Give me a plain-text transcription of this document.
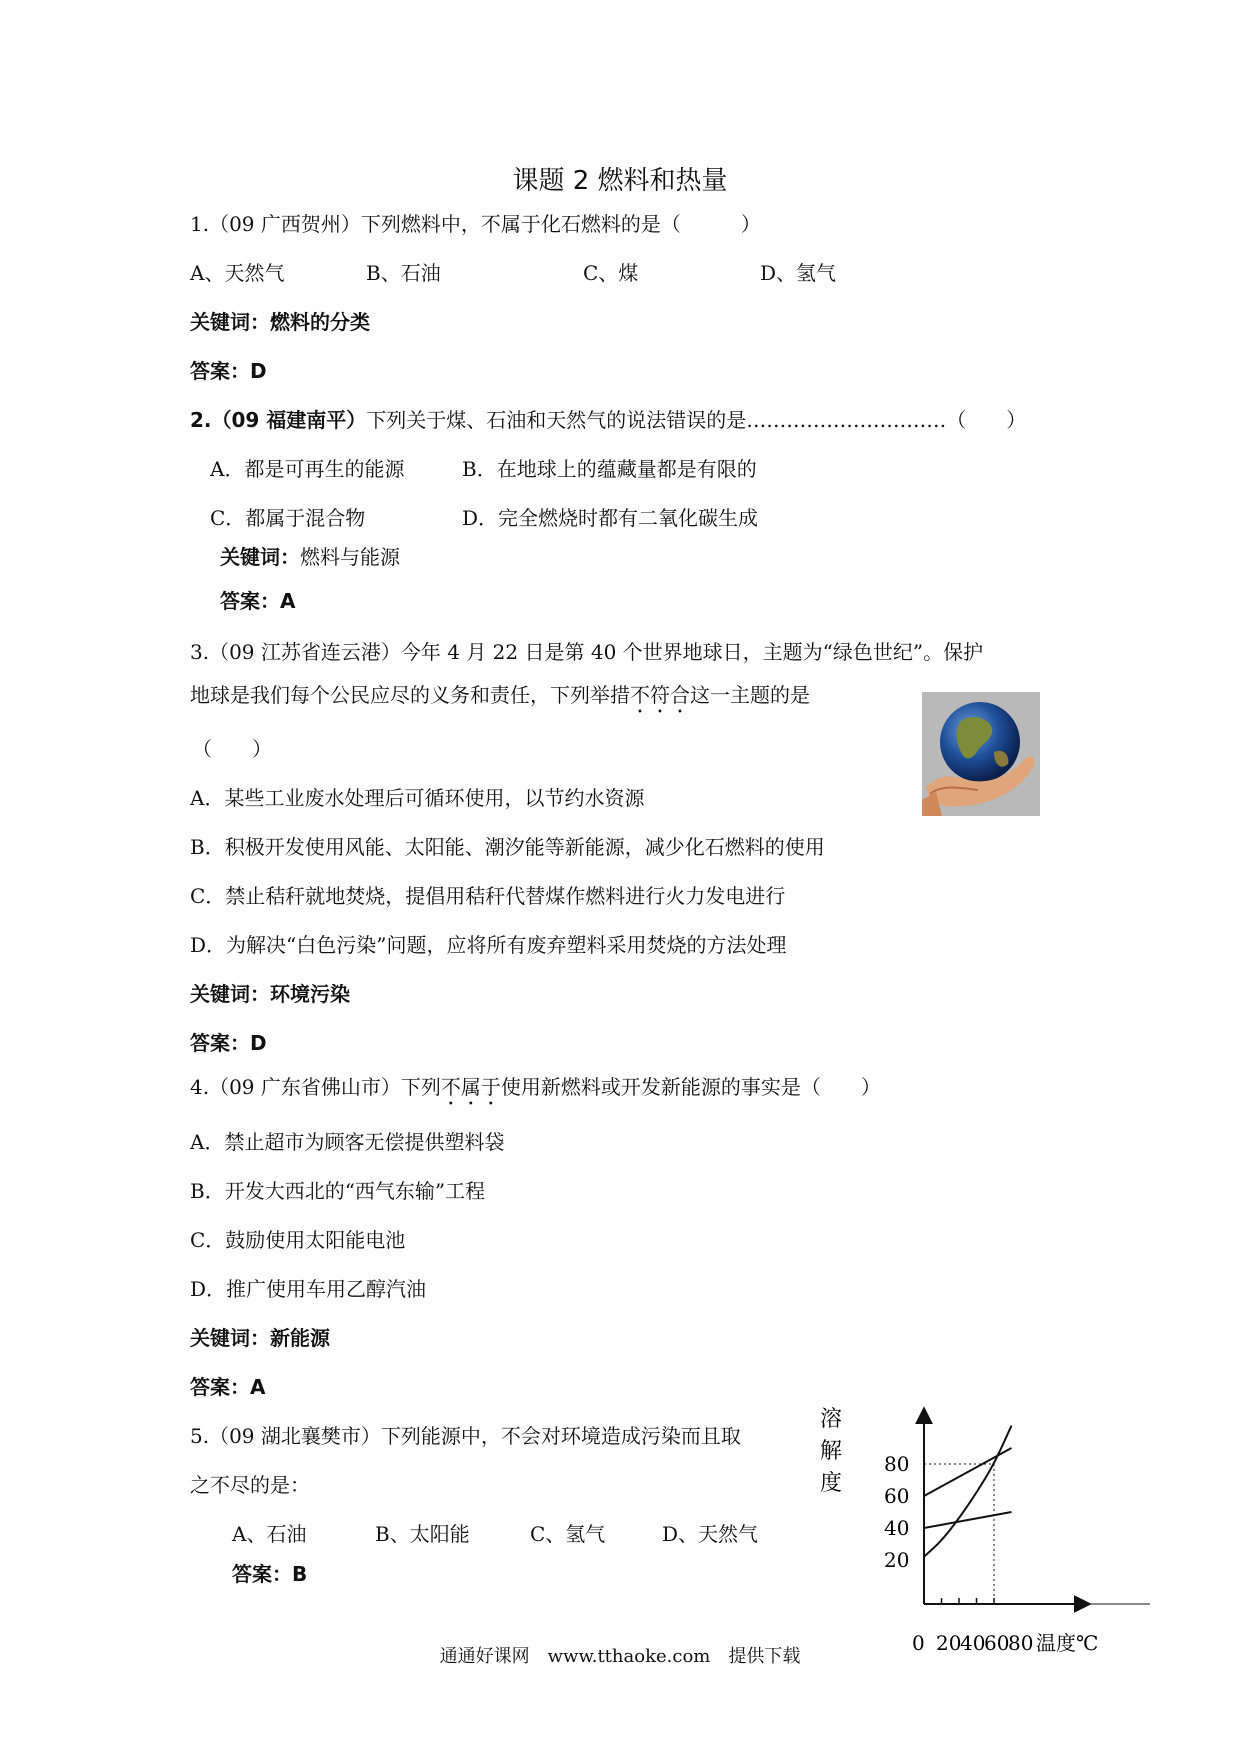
课题 2 燃料和热量
1.（09 广西贺州）下列燃料中，不属于化石燃料的是（　　　）
A、天然气	B、石油	C、煤	D、氢气
关键词：燃料的分类
答案：D
2.（09 福建南平）下列关于煤、石油和天然气的说法错误的是…………………………（　　）
A．都是可再生的能源	B．在地球上的蕴藏量都是有限的
C．都属于混合物	D．完全燃烧时都有二氧化碳生成
关键词：燃料与能源
答案：A
3.（09 江苏省连云港）今年 4 月 22 日是第 40 个世界地球日，主题为“绿色世纪”。保护
地球是我们每个公民应尽的义务和责任，下列举措不符合这一主题的是
（　　）
A．某些工业废水处理后可循环使用，以节约水资源
B．积极开发使用风能、太阳能、潮汐能等新能源，减少化石燃料的使用
C．禁止秸秆就地焚烧，提倡用秸秆代替煤作燃料进行火力发电进行
D．为解决“白色污染”问题，应将所有废弃塑料采用焚烧的方法处理
关键词：环境污染
答案：D
4.（09 广东省佛山市）下列不属于使用新燃料或开发新能源的事实是（　　）
A．禁止超市为顾客无偿提供塑料袋
B．开发大西北的“西气东输”工程
C．鼓励使用太阳能电池
D．推广使用车用乙醇汽油
关键词：新能源
答案：A
5.（09 湖北襄樊市）下列能源中，不会对环境造成污染而且取
之不尽的是：
A、石油	B、太阳能	C、氢气	D、天然气
答案：B
溶
解
度
20
40
60
80
0 20
40
60
80 温度℃
通通好课网　www.tthaoke.com　提供下载
